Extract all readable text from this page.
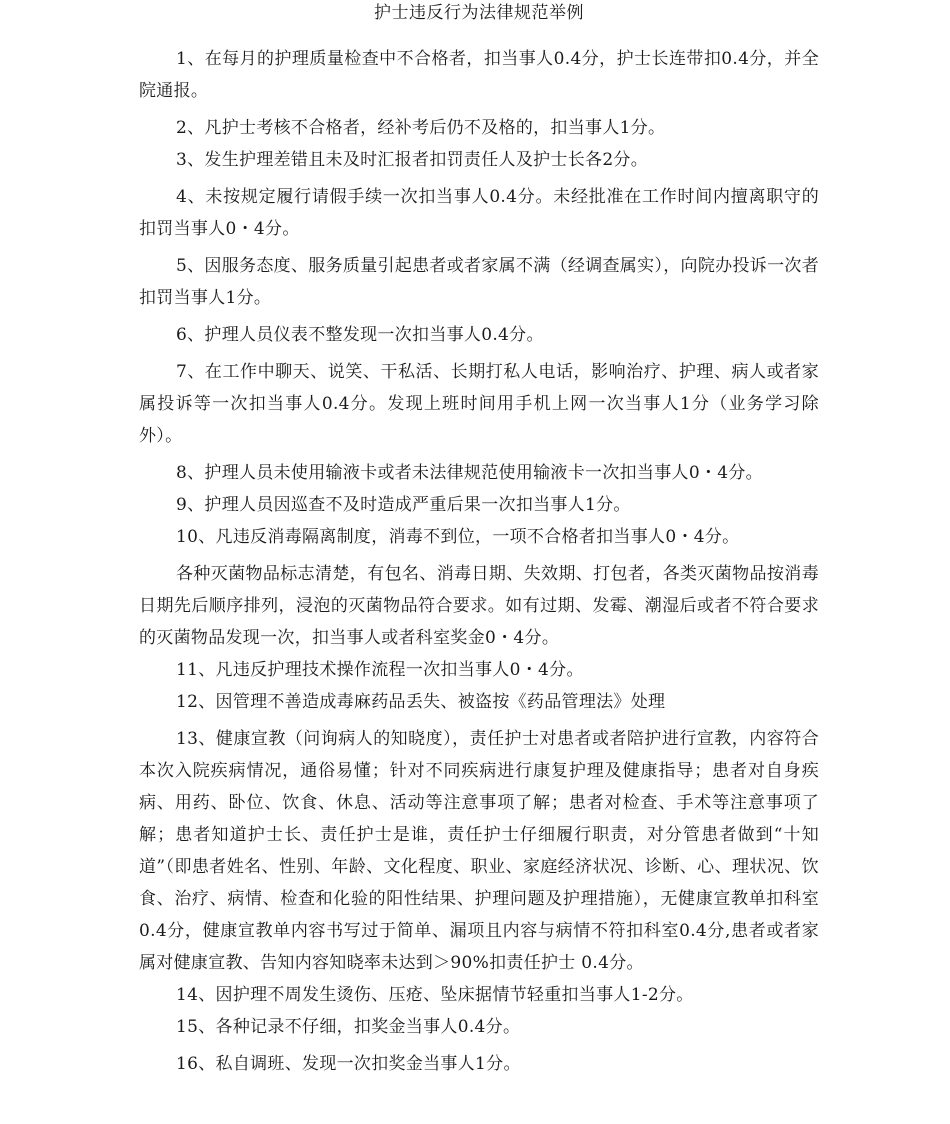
护士违反行为法律规范举例

1、在每月的护理质量检查中不合格者，扣当事人0.4分，护士长连带扣0.4分，并全院通报。

2、凡护士考核不合格者，经补考后仍不及格的，扣当事人1分。

3、发生护理差错且未及时汇报者扣罚责任人及护士长各2分。

4、未按规定履行请假手续一次扣当事人0.4分。未经批准在工作时间内擅离职守的扣罚当事人0・4分。

5、因服务态度、服务质量引起患者或者家属不满（经调查属实），向院办投诉一次者扣罚当事人1分。

6、护理人员仪表不整发现一次扣当事人0.4分。

7、在工作中聊天、说笑、干私活、长期打私人电话，影响治疗、护理、病人或者家属投诉等一次扣当事人0.4分。发现上班时间用手机上网一次当事人1分（业务学习除外）。

8、护理人员未使用输液卡或者未法律规范使用输液卡一次扣当事人0・4分。

9、护理人员因巡查不及时造成严重后果一次扣当事人1分。

10、凡违反消毒隔离制度，消毒不到位，一项不合格者扣当事人0・4分。

各种灭菌物品标志清楚，有包名、消毒日期、失效期、打包者，各类灭菌物品按消毒日期先后顺序排列，浸泡的灭菌物品符合要求。如有过期、发霉、潮湿后或者不符合要求的灭菌物品发现一次，扣当事人或者科室奖金0・4分。

11、凡违反护理技术操作流程一次扣当事人0・4分。

12、因管理不善造成毒麻药品丢失、被盗按《药品管理法》处理

13、健康宣教（问询病人的知晓度），责任护士对患者或者陪护进行宣教，内容符合本次入院疾病情况，通俗易懂；针对不同疾病进行康复护理及健康指导；患者对自身疾病、用药、卧位、饮食、休息、活动等注意事项了解；患者对检查、手术等注意事项了解；患者知道护士长、责任护士是谁，责任护士仔细履行职责，对分管患者做到“十知道”（即患者姓名、性别、年龄、文化程度、职业、家庭经济状况、诊断、心、理状况、饮食、治疗、病情、检查和化验的阳性结果、护理问题及护理措施），无健康宣教单扣科室0.4分，健康宣教单内容书写过于简单、漏项且内容与病情不符扣科室0.4分,患者或者家属对健康宣教、告知内容知晓率未达到＞90%扣责任护士 0.4分。

14、因护理不周发生烫伤、压疮、坠床据情节轻重扣当事人1-2分。

15、各种记录不仔细，扣奖金当事人0.4分。

16、私自调班、发现一次扣奖金当事人1分。
